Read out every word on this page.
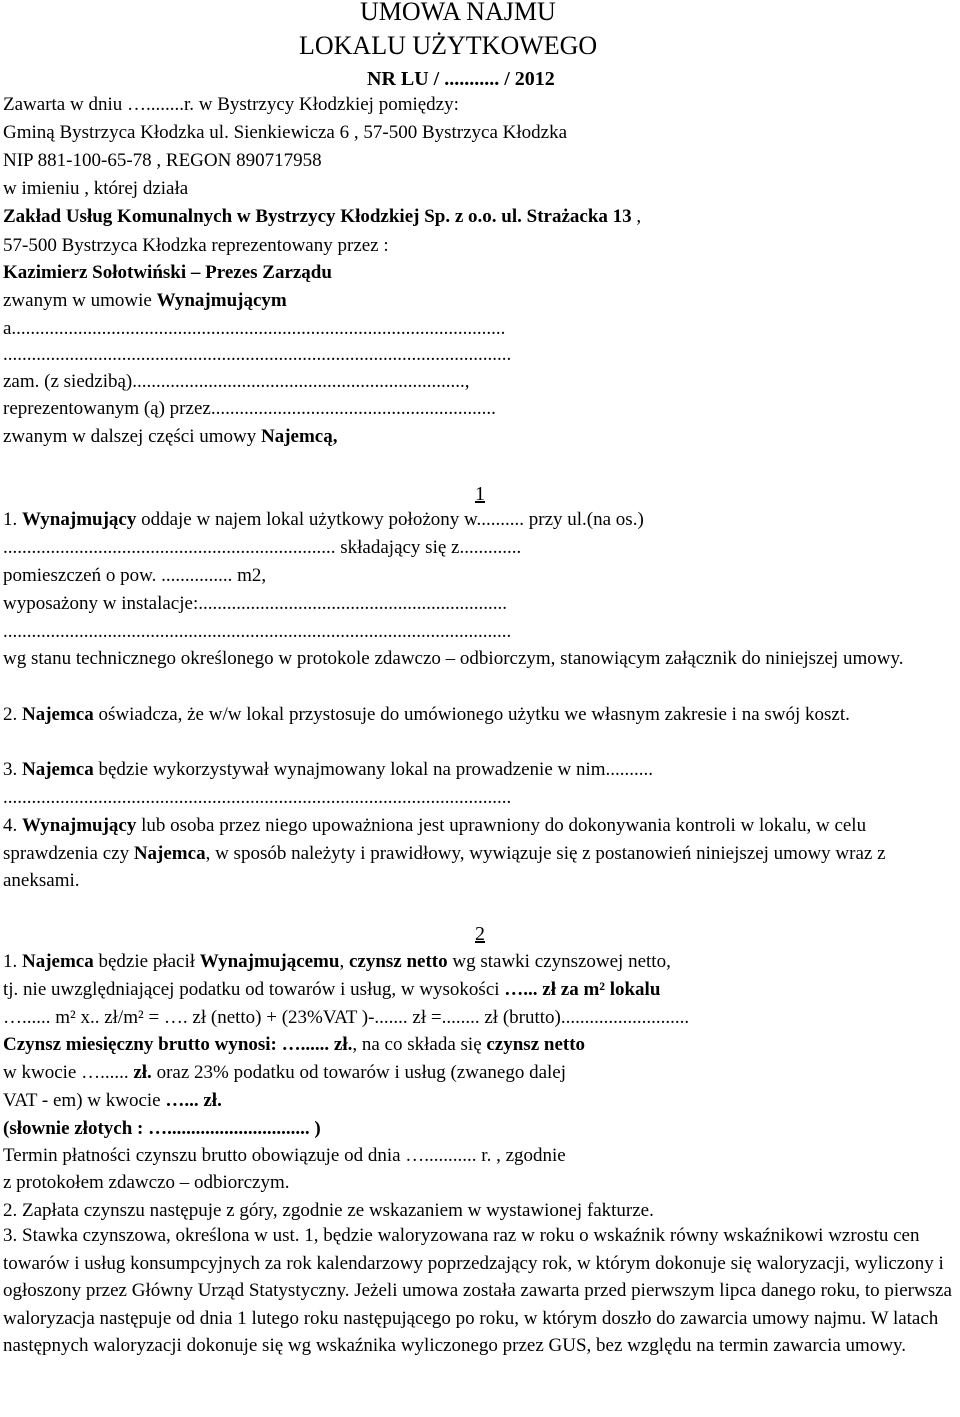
UMOWA NAJMU
LOKALU UŻYTKOWEGO
NR LU / ........... / 2012
Zawarta w dniu …........r. w Bystrzycy Kłodzkiej pomiędzy:
Gminą Bystrzyca Kłodzka ul. Sienkiewicza 6 , 57-500 Bystrzyca Kłodzka
NIP 881-100-65-78 , REGON 890717958
w imieniu , której działa
Zakład Usług Komunalnych w Bystrzycy Kłodzkiej Sp. z o.o. ul. Strażacka 13 ,
57-500 Bystrzyca Kłodzka reprezentowany przez :
Kazimierz Sołotwiński – Prezes Zarządu
zwanym w umowie Wynajmującym
a........................................................................................................
...........................................................................................................
zam. (z siedzibą)......................................................................,
reprezentowanym (ą) przez............................................................
zwanym w dalszej części umowy Najemcą,
1
1. Wynajmujący oddaje w najem lokal użytkowy położony w.......... przy ul.(na os.)
...................................................................... składający się z.............
pomieszczeń o pow. ............... m2,
wyposażony w instalacje:.................................................................
...........................................................................................................
wg stanu technicznego określonego w protokole zdawczo – odbiorczym, stanowiącym załącznik do niniejszej umowy.
2. Najemca oświadcza, że w/w lokal przystosuje do umówionego użytku we własnym zakresie i na swój koszt.
3. Najemca będzie wykorzystywał wynajmowany lokal na prowadzenie w nim..........
...........................................................................................................
4. Wynajmujący lub osoba przez niego upoważniona jest uprawniony do dokonywania kontroli w lokalu, w celu sprawdzenia czy Najemca, w sposób należyty i prawidłowy, wywiązuje się z postanowień niniejszej umowy wraz z aneksami.
2
1. Najemca będzie płacił Wynajmującemu, czynsz netto wg stawki czynszowej netto,
tj. nie uwzględniającej podatku od towarów i usług, w wysokości …... zł za m² lokalu
…...... m² x.. zł/m² = …. zł (netto) + (23%VAT )-....... zł =........ zł (brutto)...........................
Czynsz miesięczny brutto wynosi: …...... zł., na co składa się czynsz netto
w kwocie …...... zł. oraz 23% podatku od towarów i usług (zwanego dalej
VAT - em) w kwocie …... zł.
(słownie złotych : ….............................. )
Termin płatności czynszu brutto obowiązuje od dnia …........... r. , zgodnie
z protokołem zdawczo – odbiorczym.
2. Zapłata czynszu następuje z góry, zgodnie ze wskazaniem w wystawionej fakturze.
3. Stawka czynszowa, określona w ust. 1, będzie waloryzowana raz w roku o wskaźnik równy wskaźnikowi wzrostu cen towarów i usług konsumpcyjnych za rok kalendarzowy poprzedzający rok, w którym dokonuje się waloryzacji, wyliczony i ogłoszony przez Główny Urząd Statystyczny. Jeżeli umowa została zawarta przed pierwszym lipca danego roku, to pierwsza waloryzacja następuje od dnia 1 lutego roku następującego po roku, w którym doszło do zawarcia umowy najmu. W latach następnych waloryzacji dokonuje się wg wskaźnika wyliczonego przez GUS, bez względu na termin zawarcia umowy.
